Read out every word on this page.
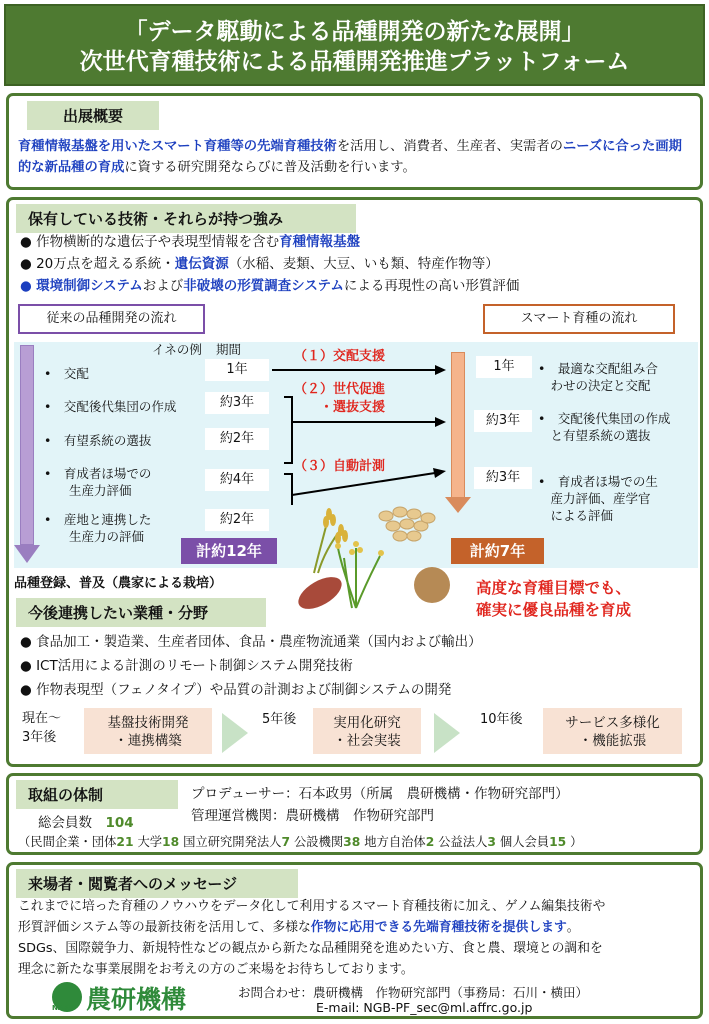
「データ駆動による品種開発の新たな展開」
次世代育種技術による品種開発推進プラットフォーム
出展概要
育種情報基盤を用いたスマート育種等の先端育種技術を活用し、消費者、生産者、実需者のニーズに合った画期的な新品種の育成に資する研究開発ならびに普及活動を行います。
保有している技術・それらが持つ強み
● 作物横断的な遺伝子や表現型情報を含む育種情報基盤
● 20万点を超える系統・遺伝資源（水稲、麦類、大豆、いも類、特産作物等）
● 環境制御システムおよび非破壊の形質調査システムによる再現性の高い形質評価
従来の品種開発の流れ	スマート育種の流れ
イネの例 期間
•　交配	1年
•　交配後代集団の作成	約3年
•　有望系統の選抜	約2年
•　育成者ほ場での
　　生産力評価
約4年
•　産地と連携した
　　生産力の評価
約2年
計約12年
（１）交配支援
（２）世代促進
　　・選抜支援
（３）自動計測
1年	•　最適な交配組み合
　わせの決定と交配
約3年	•　交配後代集団の作成
　と有望系統の選抜
約3年	•　育成者ほ場での生
　産力評価、産学官
　による評価
計約7年
品種登録、普及（農家による栽培）	高度な育種目標でも、
確実に優良品種を育成
今後連携したい業種・分野
● 食品加工・製造業、生産者団体、食品・農産物流通業（国内および輸出）
● ICT活用による計測のリモート制御システム開発技術
● 作物表現型（フェノタイプ）や品質の計測および制御システムの開発
現在～
3年後
基盤技術開発
・連携構築
5年後	実用化研究
・社会実装
10年後	サービス多様化
・機能拡張
取組の体制	プロデューサー：石本政男（所属　農研機構・作物研究部門）
管理運営機関：農研機構　作物研究部門
総会員数　 104
（民間企業・団体21 大学18 国立研究開発法人7 公設機関38 地方自治体2 公益法人3 個人会員15 ）
来場者・閲覧者へのメッセージ
これまでに培った育種のノウハウをデータ化して利用するスマート育種技術に加え、ゲノム編集技術や
形質評価システム等の最新技術を活用して、多様な作物に応用できる先端育種技術を提供します。
SDGs、国際競争力、新規特性などの観点から新たな品種開発を進めたい方、食と農、環境との調和を
理念に新たな事業展開をお考えの方のご来場をお待ちしております。
NARO 農研機構	お問合わせ：農研機構　作物研究部門（事務局：石川・横田）
E-mail: NGB-PF_sec@ml.affrc.go.jp
